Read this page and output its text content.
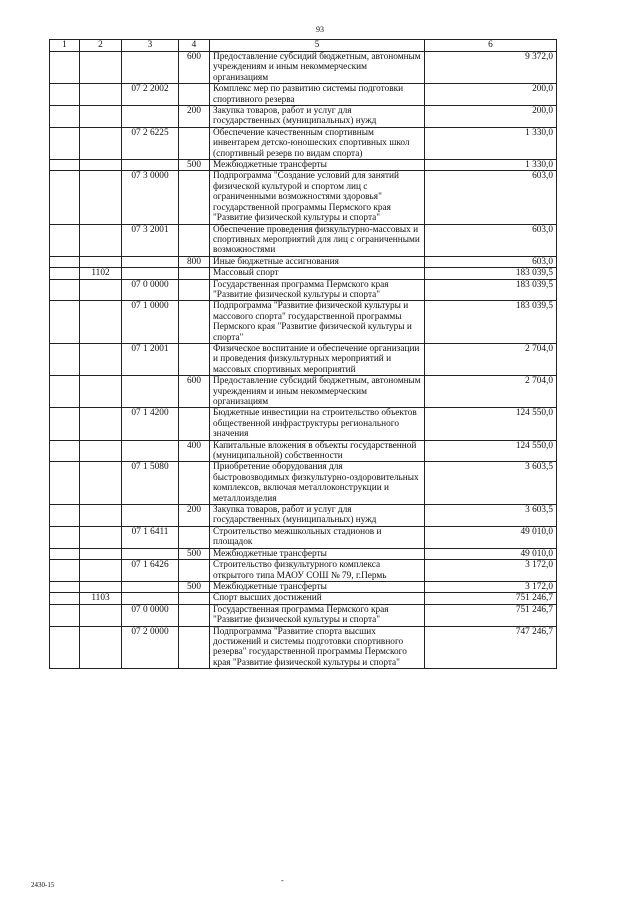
93
1	2	3	4	5	6
			600	Предоставление субсидий бюджетным, автономным учреждениям и иным некоммерческим организациям	9 372,0
		07 2 2002		Комплекс мер по развитию системы подготовки спортивного резерва	200,0
			200	Закупка товаров, работ и услуг для государственных (муниципальных) нужд	200,0
		07 2 6225		Обеспечение качественным спортивным инвентарем детско-юношеских спортивных школ (спортивный резерв по видам спорта)	1 330,0
			500	Межбюджетные трансферты	1 330,0
		07 3 0000		Подпрограмма "Создание условий для занятий физической культурой и спортом лиц с ограниченными возможностями здоровья" государственной программы Пермского края "Развитие физической культуры и спорта"	603,0
		07 3 2001		Обеспечение проведения физкультурно-массовых и спортивных мероприятий для лиц с ограниченными возможностями	603,0
			800	Иные бюджетные ассигнования	603,0
	1102			Массовый спорт	183 039,5
		07 0 0000		Государственная программа Пермского края "Развитие физической культуры и спорта"	183 039,5
		07 1 0000		Подпрограмма "Развитие физической культуры и массового спорта" государственной программы Пермского края "Развитие физической культуры и спорта"	183 039,5
		07 1 2001		Физическое воспитание и обеспечение организации и проведения физкультурных мероприятий и массовых спортивных мероприятий	2 704,0
			600	Предоставление субсидий бюджетным, автономным учреждениям и иным некоммерческим организациям	2 704,0
		07 1 4200		Бюджетные инвестиции на строительство объектов общественной инфраструктуры регионального значения	124 550,0
			400	Капитальные вложения в объекты государственной (муниципальной) собственности	124 550,0
		07 1 5080		Приобретение оборудования для быстровозводимых физкультурно-оздоровительных комплексов, включая металлоконструкции и металлоизделия	3 603,5
			200	Закупка товаров, работ и услуг для государственных (муниципальных) нужд	3 603,5
		07 1 6411		Строительство межшкольных стадионов и площадок	49 010,0
			500	Межбюджетные трансферты	49 010,0
		07 1 6426		Строительство физкультурного комплекса открытого типа МАОУ СОШ № 79, г.Пермь	3 172,0
			500	Межбюджетные трансферты	3 172,0
	1103			Спорт высших достижений	751 246,7
		07 0 0000		Государственная программа Пермского края "Развитие физической культуры и спорта"	751 246,7
		07 2 0000		Подпрограмма "Развитие спорта высших достижений и системы подготовки спортивного резерва" государственной программы Пермского края "Развитие физической культуры и спорта"	747 246,7
-
2430-15
